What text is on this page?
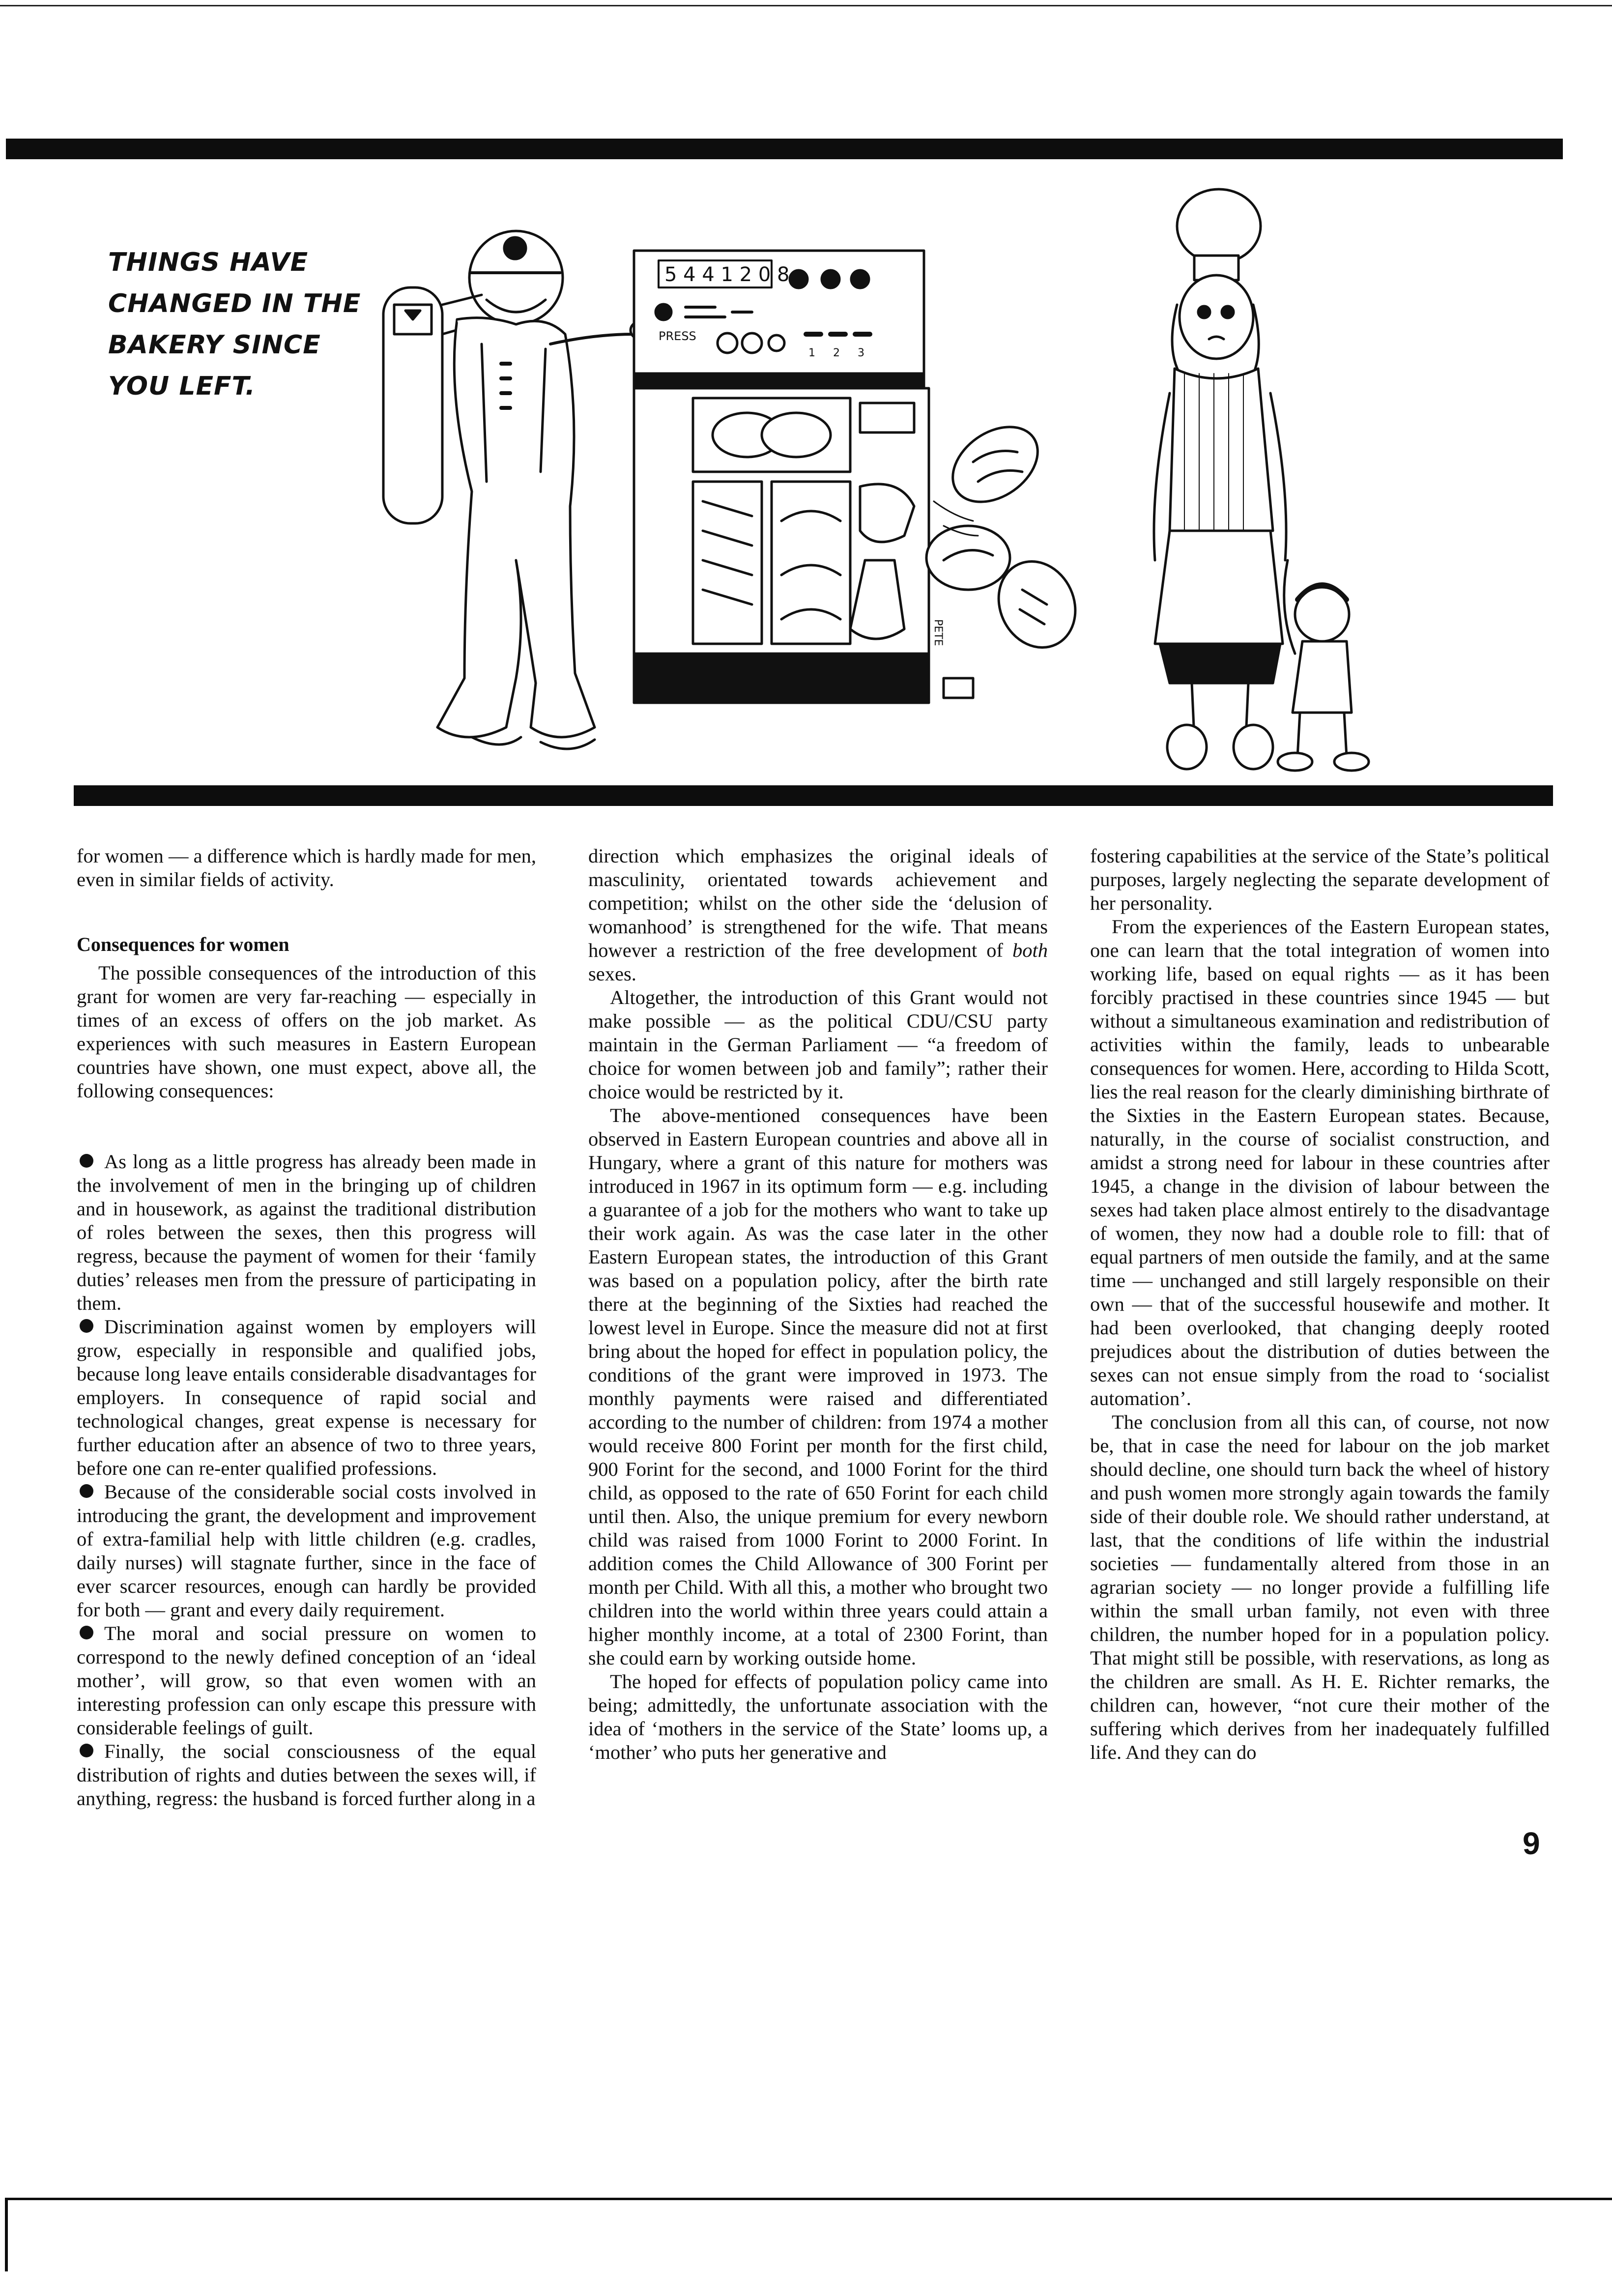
THINGS HAVE
CHANGED IN THE
BAKERY SINCE
YOU LEFT.
5 4 4 1 2 0 8
PRESS
1 2 3
PETE

for women — a difference which is hardly made for men, even in similar fields of activity.

Consequences for women

The possible consequences of the introduction of this grant for women are very far-reaching — especially in times of an excess of offers on the job market. As experiences with such measures in Eastern European countries have shown, one must expect, above all, the following consequences:

As long as a little progress has already been made in the involvement of men in the bringing up of children and in housework, as against the traditional distribution of roles between the sexes, then this progress will regress, because the payment of women for their ‘family duties’ releases men from the pressure of participating in them.

Discrimination against women by employers will grow, especially in responsible and qualified jobs, because long leave entails considerable disadvantages for employers. In consequence of rapid social and technological changes, great expense is necessary for further education after an absence of two to three years, before one can re-enter qualified professions.

Because of the considerable social costs involved in introducing the grant, the development and improvement of extra-familial help with little children (e.g. cradles, daily nurses) will stagnate further, since in the face of ever scarcer resources, enough can hardly be provided for both — grant and every daily requirement.

The moral and social pressure on women to correspond to the newly defined conception of an ‘ideal mother’, will grow, so that even women with an interesting profession can only escape this pressure with considerable feelings of guilt.

Finally, the social consciousness of the equal distribution of rights and duties between the sexes will, if anything, regress: the husband is forced further along in a

direction which emphasizes the original ideals of masculinity, orientated towards achievement and competition; whilst on the other side the ‘delusion of womanhood’ is strengthened for the wife. That means however a restriction of the free development of both sexes.

Altogether, the introduction of this Grant would not make possible — as the political CDU/CSU party maintain in the German Parliament — “a freedom of choice for women between job and family”; rather their choice would be restricted by it.

The above-mentioned consequences have been observed in Eastern European countries and above all in Hungary, where a grant of this nature for mothers was introduced in 1967 in its optimum form — e.g. including a guarantee of a job for the mothers who want to take up their work again. As was the case later in the other Eastern European states, the introduction of this Grant was based on a population policy, after the birth rate there at the beginning of the Sixties had reached the lowest level in Europe. Since the measure did not at first bring about the hoped for effect in population policy, the conditions of the grant were improved in 1973. The monthly payments were raised and differentiated according to the number of children: from 1974 a mother would receive 800 Forint per month for the first child, 900 Forint for the second, and 1000 Forint for the third child, as opposed to the rate of 650 Forint for each child until then. Also, the unique premium for every newborn child was raised from 1000 Forint to 2000 Forint. In addition comes the Child Allowance of 300 Forint per month per Child. With all this, a mother who brought two children into the world within three years could attain a higher monthly income, at a total of 2300 Forint, than she could earn by working outside home.

The hoped for effects of population policy came into being; admittedly, the unfortunate association with the idea of ‘mothers in the service of the State’ looms up, a ‘mother’ who puts her generative and

fostering capabilities at the service of the State’s political purposes, largely neglecting the separate development of her personality.

From the experiences of the Eastern European states, one can learn that the total integration of women into working life, based on equal rights — as it has been forcibly practised in these countries since 1945 — but without a simultaneous examination and redistribution of activities within the family, leads to unbearable consequences for women. Here, according to Hilda Scott, lies the real reason for the clearly diminishing birthrate of the Sixties in the Eastern European states. Because, naturally, in the course of socialist construction, and amidst a strong need for labour in these countries after 1945, a change in the division of labour between the sexes had taken place almost entirely to the disadvantage of women, they now had a double role to fill: that of equal partners of men outside the family, and at the same time — unchanged and still largely responsible on their own — that of the successful housewife and mother. It had been overlooked, that changing deeply rooted prejudices about the distribution of duties between the sexes can not ensue simply from the road to ‘socialist automation’.

The conclusion from all this can, of course, not now be, that in case the need for labour on the job market should decline, one should turn back the wheel of history and push women more strongly again towards the family side of their double role. We should rather understand, at last, that the conditions of life within the industrial societies — fundamentally altered from those in an agrarian society — no longer provide a fulfilling life within the small urban family, not even with three children, the number hoped for in a population policy. That might still be possible, with reservations, as long as the children are small. As H. E. Richter remarks, the children can, however, “not cure their mother of the suffering which derives from her inadequately fulfilled life. And they can do

9
